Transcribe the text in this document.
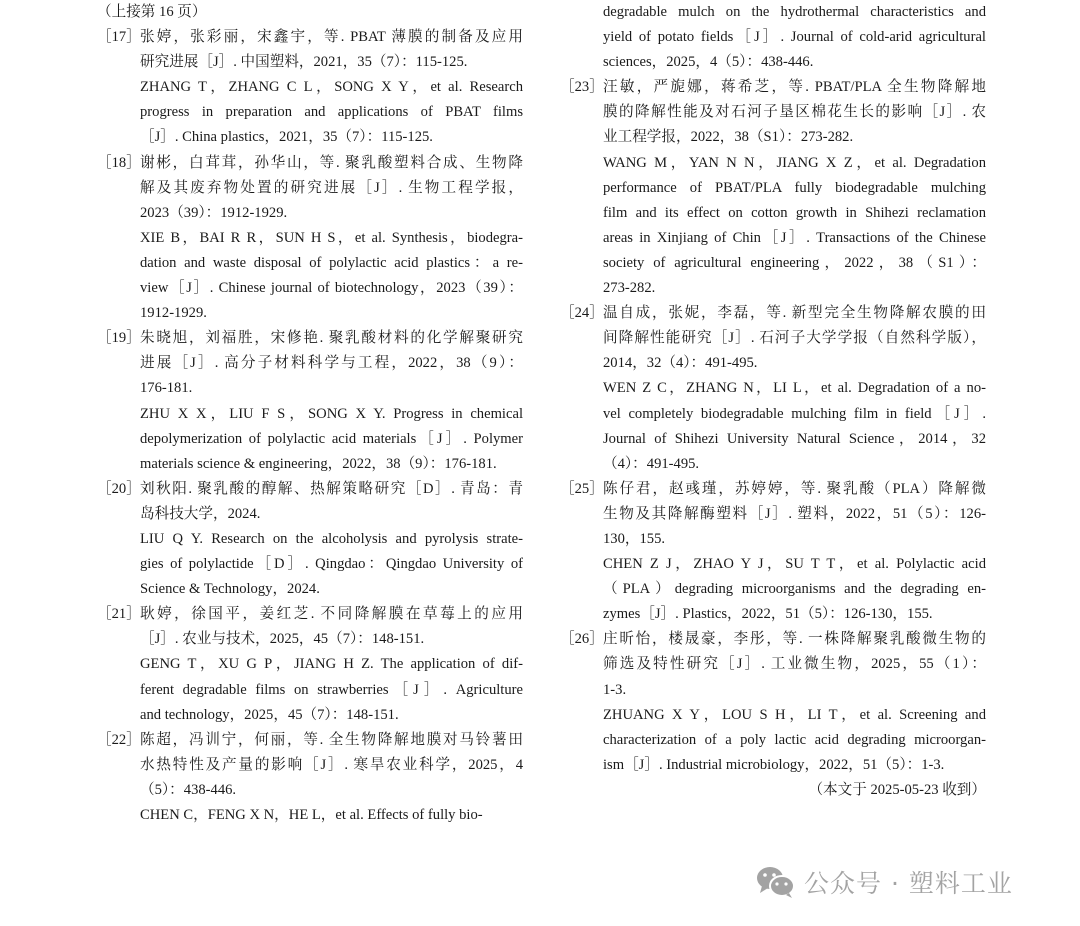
（上接第 16 页）
［17］ 张婷，张彩丽，宋鑫宇，等. PBAT 薄膜的制备及应用
研究进展［J］. 中国塑料，2021，35（7）：115-125.
ZHANG T，ZHANG C L，SONG X Y，et al. Research
progress in preparation and applications of PBAT films
［J］. China plastics，2021，35（7）：115-125.
［18］ 谢彬，白茸茸，孙华山，等. 聚乳酸塑料合成、生物降
解及其废弃物处置的研究进展［J］. 生物工程学报，
2023（39）：1912-1929.
XIE B，BAI R R，SUN H S，et al. Synthesis，biodegra-
dation and waste disposal of polylactic acid plastics：a re-
view［J］. Chinese journal of biotechnology，2023（39）：
1912-1929.
［19］ 朱晓旭，刘福胜，宋修艳. 聚乳酸材料的化学解聚研究
进展［J］. 高分子材料科学与工程，2022，38（9）：
176-181.
ZHU X X，LIU F S，SONG X Y. Progress in chemical
depolymerization of polylactic acid materials［J］. Polymer
materials science & engineering，2022，38（9）：176-181.
［20］ 刘秋阳. 聚乳酸的醇解、热解策略研究［D］. 青岛：青
岛科技大学，2024.
LIU Q Y. Research on the alcoholysis and pyrolysis strate-
gies of polylactide［D］. Qingdao：Qingdao University of
Science & Technology，2024.
［21］ 耿婷，徐国平，姜红芝. 不同降解膜在草莓上的应用
［J］. 农业与技术，2025，45（7）：148-151.
GENG T，XU G P，JIANG H Z. The application of dif-
ferent degradable films on strawberries［J］. Agriculture
and technology，2025，45（7）：148-151.
［22］ 陈超，冯训宁，何丽，等. 全生物降解地膜对马铃薯田
水热特性及产量的影响［J］. 寒旱农业科学，2025，4
（5）：438-446.
CHEN C，FENG X N，HE L，et al. Effects of fully bio-
degradable mulch on the hydrothermal characteristics and
yield of potato fields［J］. Journal of cold-arid agricultural
sciences，2025，4（5）：438-446.
［23］ 汪敏，严旎娜，蒋希芝，等. PBAT/PLA 全生物降解地
膜的降解性能及对石河子垦区棉花生长的影响［J］. 农
业工程学报，2022，38（S1）：273-282.
WANG M，YAN N N，JIANG X Z，et al. Degradation
performance of PBAT/PLA fully biodegradable mulching
film and its effect on cotton growth in Shihezi reclamation
areas in Xinjiang of Chin［J］. Transactions of the Chinese
society of agricultural engineering，2022，38（S1）：
273-282.
［24］ 温自成，张妮，李磊，等. 新型完全生物降解农膜的田
间降解性能研究［J］. 石河子大学学报（自然科学版），
2014，32（4）：491-495.
WEN Z C，ZHANG N，LI L，et al. Degradation of a no-
vel completely biodegradable mulching film in field［J］.
Journal of Shihezi University Natural Science，2014，32
（4）：491-495.
［25］ 陈仔君，赵彧瑾，苏婷婷，等. 聚乳酸（PLA）降解微
生物及其降解酶塑料［J］. 塑料，2022，51（5）：126-
130，155.
CHEN Z J，ZHAO Y J，SU T T，et al. Polylactic acid
（PLA）degrading microorganisms and the degrading en-
zymes［J］. Plastics，2022，51（5）：126-130，155.
［26］ 庄昕怡，楼晟豪，李彤，等. 一株降解聚乳酸微生物的
筛选及特性研究［J］. 工业微生物，2025，55（1）：
1-3.
ZHUANG X Y，LOU S H，LI T，et al. Screening and
characterization of a poly lactic acid degrading microorgan-
ism［J］. Industrial microbiology，2022，51（5）：1-3.
（本文于 2025-05-23 收到）
公众号 · 塑料工业
